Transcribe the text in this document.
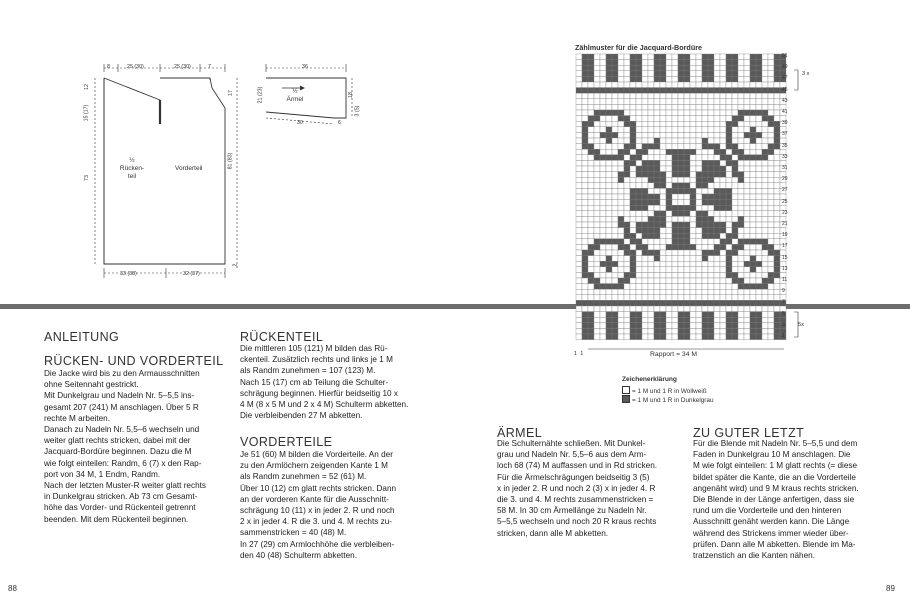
8	25 (30)	25 (30)	7
12
15 (17)
73
17
81 (83)
2
33 (38)	32 (37)
½
Rücken-
teil
Vorderteil
36
½
Ärmel
21 (23)	18
3 (5)
30	6
Zählmuster für die Jacquard-Bordüre
51
49
47
45
43
41
39
37
35
33
31
29
27
25
23
21
19
17
15
13
11
9
7
5
3
1
3 x
5x
1  1	Rapport = 34 M
Zeichenerklärung
= 1 M und 1 R in Wollweiß
= 1 M und 1 R in Dunkelgrau
ANLEITUNG
RÜCKEN- UND VORDERTEIL
Die Jacke wird bis zu den Armausschnitten
ohne Seitennaht gestrickt.
Mit Dunkelgrau und Nadeln Nr. 5–5,5 ins-
gesamt 207 (241) M anschlagen. Über 5 R
rechte M arbeiten.
Danach zu Nadeln Nr. 5,5–6 wechseln und
weiter glatt rechts stricken, dabei mit der
Jacquard-Bordüre beginnen. Dazu die M
wie folgt einteilen: Randm, 6 (7) x den Rap-
port von 34 M, 1 Endm, Randm.
Nach der letzten Muster-R weiter glatt rechts
in Dunkelgrau stricken. Ab 73 cm Gesamt-
höhe das Vorder- und Rückenteil getrennt
beenden. Mit dem Rückenteil beginnen.
RÜCKENTEIL
Die mittleren 105 (121) M bilden das Rü-
ckenteil. Zusätzlich rechts und links je 1 M
als Randm zunehmen = 107 (123) M.
Nach 15 (17) cm ab Teilung die Schulter-
schrägung beginnen. Hierfür beidseitig 10 x
4 M (8 x 5 M und 2 x 4 M) Schulterm abketten.
Die verbleibenden 27 M abketten.
VORDERTEILE
Je 51 (60) M bilden die Vorderteile. An der
zu den Armlöchern zeigenden Kante 1 M
als Randm zunehmen = 52 (61) M.
Über 10 (12) cm glatt rechts stricken. Dann
an der vorderen Kante für die Ausschnitt-
schrägung 10 (11) x in jeder 2. R und noch
2 x in jeder 4. R die 3. und 4. M rechts zu-
sammenstricken = 40 (48) M.
In 27 (29) cm Armlochhöhe die verbleiben-
den 40 (48) Schulterm abketten.
88
ÄRMEL
Die Schulternähte schließen. Mit Dunkel-
grau und Nadeln Nr. 5,5–6 aus dem Arm-
loch 68 (74) M auffassen und in Rd stricken.
Für die Ärmelschrägungen beidseitig 3 (5)
x in jeder 2. R und noch 2 (3) x in jeder 4. R
die 3. und 4. M rechts zusammenstricken =
58 M. In 30 cm Ärmellänge zu Nadeln Nr.
5–5,5 wechseln und noch 20 R kraus rechts
stricken, dann alle M abketten.
ZU GUTER LETZT
Für die Blende mit Nadeln Nr. 5–5,5 und dem
Faden in Dunkelgrau 10 M anschlagen. Die
M wie folgt einteilen: 1 M glatt rechts (= diese
bildet später die Kante, die an die Vorderteile
angenäht wird) und 9 M kraus rechts stricken.
Die Blende in der Länge anfertigen, dass sie
rund um die Vorderteile und den hinteren
Ausschnitt genäht werden kann. Die Länge
während des Strickens immer wieder über-
prüfen. Dann alle M abketten. Blende im Ma-
tratzenstich an die Kanten nähen.
89
